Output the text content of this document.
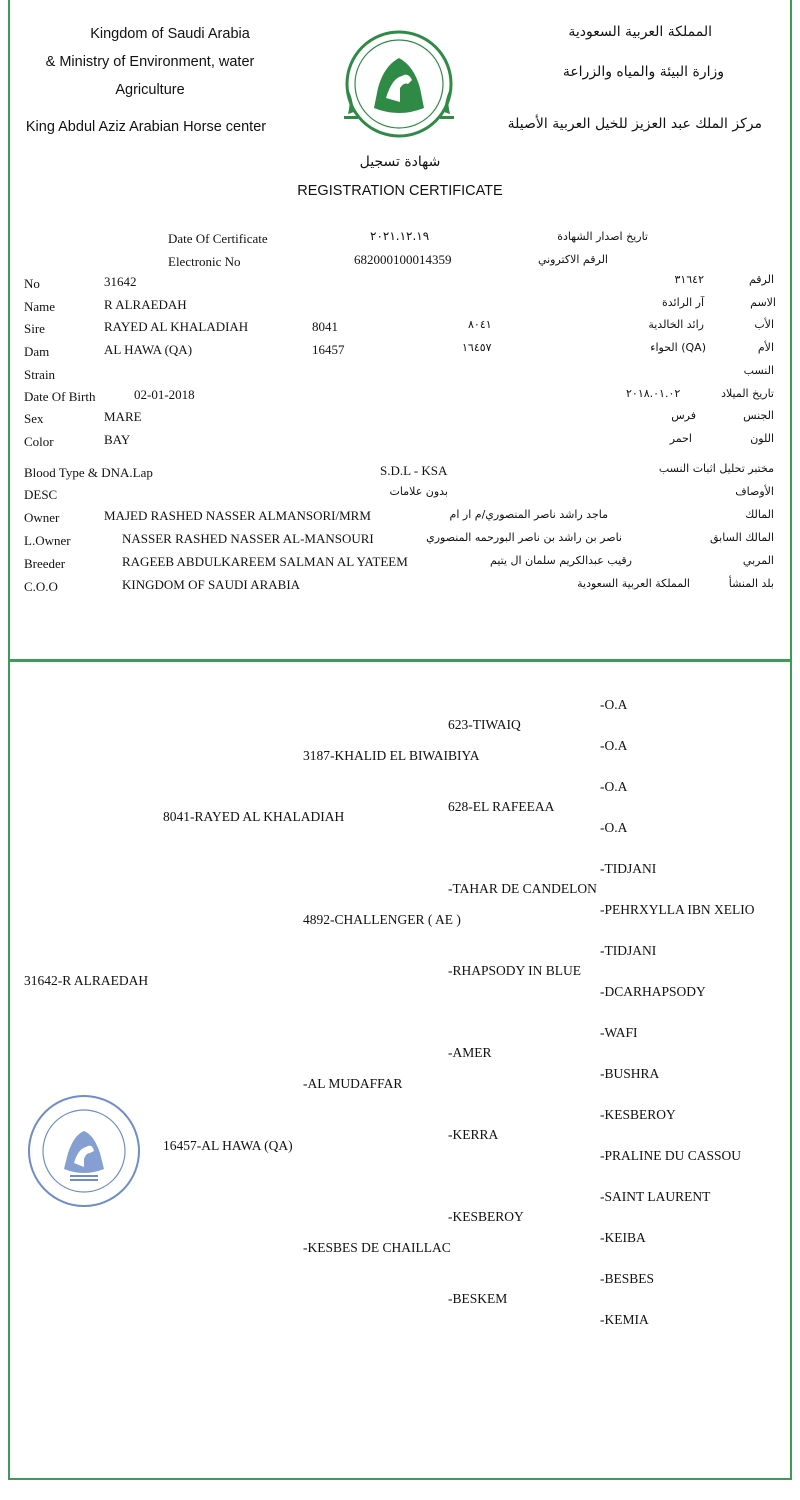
Kingdom of Saudi Arabia
& Ministry of Environment, water
Agriculture
King Abdul Aziz Arabian Horse center
المملكة العربية السعودية
وزارة البيئة والمياه والزراعة
مركز الملك عبد العزيز للخيل العربية الأصيلة
شهادة تسجيل
REGISTRATION CERTIFICATE
Date Of Certificate	٢٠٢١.١٢.١٩	تاريخ اصدار الشهادة
Electronic No	682000100014359	الرقم الاكتروني
No	31642	٣١٦٤٢	الرقم
Name	R ALRAEDAH	آر الرائدة	الاسم
Sire	RAYED AL KHALADIAH	8041	٨٠٤١	رائد الخالدية	الأب
Dam	AL HAWA (QA)	16457	١٦٤٥٧	(QA) الحواء	الأم
Strain	النسب
Date Of Birth	02-01-2018	٢٠١٨.٠١.٠٢	تاريخ الميلاد
Sex	MARE	فرس	الجنس
Color	BAY	احمر	اللون
Blood Type & DNA.Lap	S.D.L - KSA	مختبر تحليل اثبات النسب
DESC	بدون علامات	الأوصاف
Owner	MAJED RASHED NASSER ALMANSORI/MRM	ماجد راشد ناصر المنصوري/م ار ام	المالك
L.Owner	NASSER RASHED NASSER AL-MANSOURI	ناصر بن راشد بن ناصر البورحمه المنصوري	المالك السابق
Breeder	RAGEEB ABDULKAREEM SALMAN AL YATEEM	رقيب عبدالكريم سلمان ال يتيم	المربي
C.O.O	KINGDOM OF SAUDI ARABIA	المملكة العربية السعودية	بلد المنشأ
31642-R ALRAEDAH
8041-RAYED AL KHALADIAH
16457-AL HAWA (QA)
3187-KHALID EL BIWAIBIYA
4892-CHALLENGER ( AE )
-AL MUDAFFAR
-KESBES DE CHAILLAC
623-TIWAIQ
628-EL RAFEEAA
-TAHAR DE CANDELON
-RHAPSODY IN BLUE
-AMER
-KERRA
-KESBEROY
-BESKEM
-O.A
-O.A
-O.A
-O.A
-TIDJANI
-PEHRXYLLA IBN XELIO
-TIDJANI
-DCARHAPSODY
-WAFI
-BUSHRA
-KESBEROY
-PRALINE DU CASSOU
-SAINT LAURENT
-KEIBA
-BESBES
-KEMIA
